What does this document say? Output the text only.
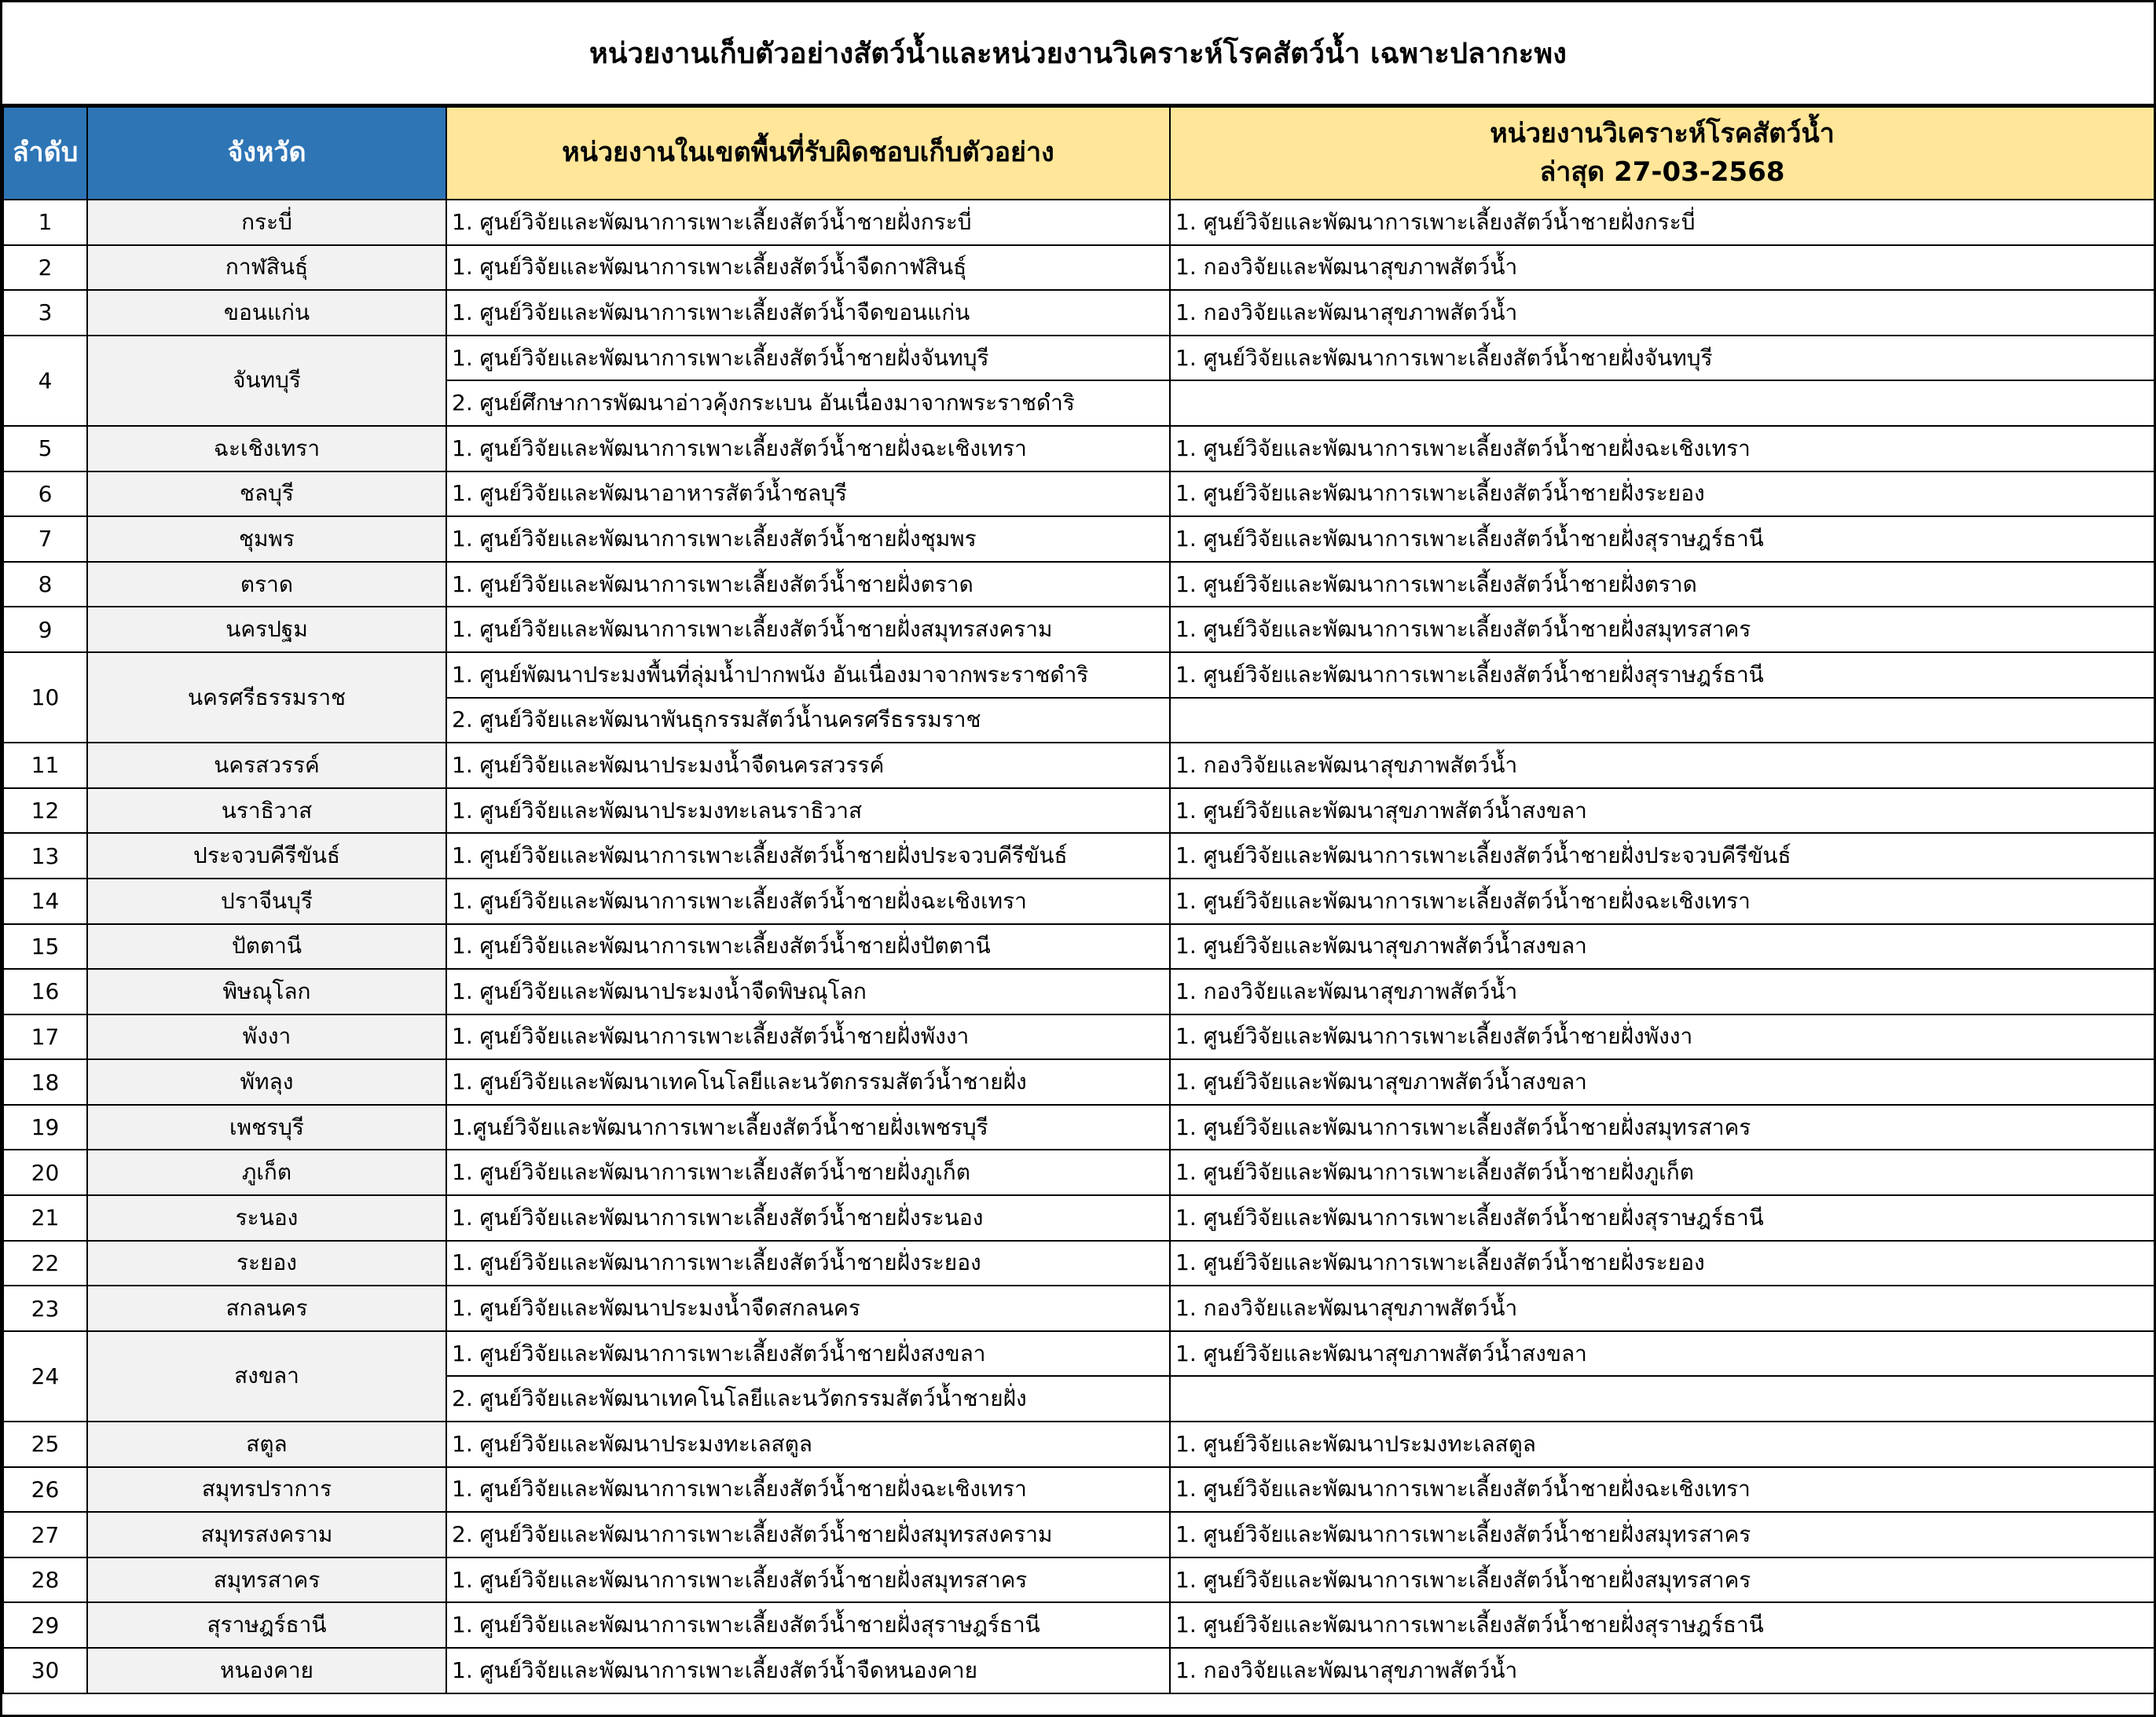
หน่วยงานเก็บตัวอย่างสัตว์น้ำและหน่วยงานวิเคราะห์โรคสัตว์น้ำ เฉพาะปลากะพง
ลำดับ	จังหวัด	หน่วยงานในเขตพื้นที่รับผิดชอบเก็บตัวอย่าง	หน่วยงานวิเคราะห์โรคสัตว์น้ำ
ล่าสุด 27-03-2568

1	กระบี่	1. ศูนย์วิจัยและพัฒนาการเพาะเลี้ยงสัตว์น้ำชายฝั่งกระบี่	1. ศูนย์วิจัยและพัฒนาการเพาะเลี้ยงสัตว์น้ำชายฝั่งกระบี่
2	กาฬสินธุ์	1. ศูนย์วิจัยและพัฒนาการเพาะเลี้ยงสัตว์น้ำจืดกาฬสินธุ์	1. กองวิจัยและพัฒนาสุขภาพสัตว์น้ำ
3	ขอนแก่น	1. ศูนย์วิจัยและพัฒนาการเพาะเลี้ยงสัตว์น้ำจืดขอนแก่น	1. กองวิจัยและพัฒนาสุขภาพสัตว์น้ำ
4	จันทบุรี	1. ศูนย์วิจัยและพัฒนาการเพาะเลี้ยงสัตว์น้ำชายฝั่งจันทบุรี	1. ศูนย์วิจัยและพัฒนาการเพาะเลี้ยงสัตว์น้ำชายฝั่งจันทบุรี
		2. ศูนย์ศึกษาการพัฒนาอ่าวคุ้งกระเบน อันเนื่องมาจากพระราชดำริ	
5	ฉะเชิงเทรา	1. ศูนย์วิจัยและพัฒนาการเพาะเลี้ยงสัตว์น้ำชายฝั่งฉะเชิงเทรา	1. ศูนย์วิจัยและพัฒนาการเพาะเลี้ยงสัตว์น้ำชายฝั่งฉะเชิงเทรา
6	ชลบุรี	1. ศูนย์วิจัยและพัฒนาอาหารสัตว์น้ำชลบุรี	1. ศูนย์วิจัยและพัฒนาการเพาะเลี้ยงสัตว์น้ำชายฝั่งระยอง
7	ชุมพร	1. ศูนย์วิจัยและพัฒนาการเพาะเลี้ยงสัตว์น้ำชายฝั่งชุมพร	1. ศูนย์วิจัยและพัฒนาการเพาะเลี้ยงสัตว์น้ำชายฝั่งสุราษฎร์ธานี
8	ตราด	1. ศูนย์วิจัยและพัฒนาการเพาะเลี้ยงสัตว์น้ำชายฝั่งตราด	1. ศูนย์วิจัยและพัฒนาการเพาะเลี้ยงสัตว์น้ำชายฝั่งตราด
9	นครปฐม	1. ศูนย์วิจัยและพัฒนาการเพาะเลี้ยงสัตว์น้ำชายฝั่งสมุทรสงคราม	1. ศูนย์วิจัยและพัฒนาการเพาะเลี้ยงสัตว์น้ำชายฝั่งสมุทรสาคร
10	นครศรีธรรมราช	1. ศูนย์พัฒนาประมงพื้นที่ลุ่มน้ำปากพนัง อันเนื่องมาจากพระราชดำริ	1. ศูนย์วิจัยและพัฒนาการเพาะเลี้ยงสัตว์น้ำชายฝั่งสุราษฎร์ธานี
		2. ศูนย์วิจัยและพัฒนาพันธุกรรมสัตว์น้ำนครศรีธรรมราช	
11	นครสวรรค์	1. ศูนย์วิจัยและพัฒนาประมงน้ำจืดนครสวรรค์	1. กองวิจัยและพัฒนาสุขภาพสัตว์น้ำ
12	นราธิวาส	1. ศูนย์วิจัยและพัฒนาประมงทะเลนราธิวาส	1. ศูนย์วิจัยและพัฒนาสุขภาพสัตว์น้ำสงขลา
13	ประจวบคีรีขันธ์	1. ศูนย์วิจัยและพัฒนาการเพาะเลี้ยงสัตว์น้ำชายฝั่งประจวบคีรีขันธ์	1. ศูนย์วิจัยและพัฒนาการเพาะเลี้ยงสัตว์น้ำชายฝั่งประจวบคีรีขันธ์
14	ปราจีนบุรี	1. ศูนย์วิจัยและพัฒนาการเพาะเลี้ยงสัตว์น้ำชายฝั่งฉะเชิงเทรา	1. ศูนย์วิจัยและพัฒนาการเพาะเลี้ยงสัตว์น้ำชายฝั่งฉะเชิงเทรา
15	ปัตตานี	1. ศูนย์วิจัยและพัฒนาการเพาะเลี้ยงสัตว์น้ำชายฝั่งปัตตานี	1. ศูนย์วิจัยและพัฒนาสุขภาพสัตว์น้ำสงขลา
16	พิษณุโลก	1. ศูนย์วิจัยและพัฒนาประมงน้ำจืดพิษณุโลก	1. กองวิจัยและพัฒนาสุขภาพสัตว์น้ำ
17	พังงา	1. ศูนย์วิจัยและพัฒนาการเพาะเลี้ยงสัตว์น้ำชายฝั่งพังงา	1. ศูนย์วิจัยและพัฒนาการเพาะเลี้ยงสัตว์น้ำชายฝั่งพังงา
18	พัทลุง	1. ศูนย์วิจัยและพัฒนาเทคโนโลยีและนวัตกรรมสัตว์น้ำชายฝั่ง	1. ศูนย์วิจัยและพัฒนาสุขภาพสัตว์น้ำสงขลา
19	เพชรบุรี	1.ศูนย์วิจัยและพัฒนาการเพาะเลี้ยงสัตว์น้ำชายฝั่งเพชรบุรี	1. ศูนย์วิจัยและพัฒนาการเพาะเลี้ยงสัตว์น้ำชายฝั่งสมุทรสาคร
20	ภูเก็ต	1. ศูนย์วิจัยและพัฒนาการเพาะเลี้ยงสัตว์น้ำชายฝั่งภูเก็ต	1. ศูนย์วิจัยและพัฒนาการเพาะเลี้ยงสัตว์น้ำชายฝั่งภูเก็ต
21	ระนอง	1. ศูนย์วิจัยและพัฒนาการเพาะเลี้ยงสัตว์น้ำชายฝั่งระนอง	1. ศูนย์วิจัยและพัฒนาการเพาะเลี้ยงสัตว์น้ำชายฝั่งสุราษฎร์ธานี
22	ระยอง	1. ศูนย์วิจัยและพัฒนาการเพาะเลี้ยงสัตว์น้ำชายฝั่งระยอง	1. ศูนย์วิจัยและพัฒนาการเพาะเลี้ยงสัตว์น้ำชายฝั่งระยอง
23	สกลนคร	1. ศูนย์วิจัยและพัฒนาประมงน้ำจืดสกลนคร	1. กองวิจัยและพัฒนาสุขภาพสัตว์น้ำ
24	สงขลา	1. ศูนย์วิจัยและพัฒนาการเพาะเลี้ยงสัตว์น้ำชายฝั่งสงขลา	1. ศูนย์วิจัยและพัฒนาสุขภาพสัตว์น้ำสงขลา
		2. ศูนย์วิจัยและพัฒนาเทคโนโลยีและนวัตกรรมสัตว์น้ำชายฝั่ง	
25	สตูล	1. ศูนย์วิจัยและพัฒนาประมงทะเลสตูล	1. ศูนย์วิจัยและพัฒนาประมงทะเลสตูล
26	สมุทรปราการ	1. ศูนย์วิจัยและพัฒนาการเพาะเลี้ยงสัตว์น้ำชายฝั่งฉะเชิงเทรา	1. ศูนย์วิจัยและพัฒนาการเพาะเลี้ยงสัตว์น้ำชายฝั่งฉะเชิงเทรา
27	สมุทรสงคราม	2. ศูนย์วิจัยและพัฒนาการเพาะเลี้ยงสัตว์น้ำชายฝั่งสมุทรสงคราม	1. ศูนย์วิจัยและพัฒนาการเพาะเลี้ยงสัตว์น้ำชายฝั่งสมุทรสาคร
28	สมุทรสาคร	1. ศูนย์วิจัยและพัฒนาการเพาะเลี้ยงสัตว์น้ำชายฝั่งสมุทรสาคร	1. ศูนย์วิจัยและพัฒนาการเพาะเลี้ยงสัตว์น้ำชายฝั่งสมุทรสาคร
29	สุราษฎร์ธานี	1. ศูนย์วิจัยและพัฒนาการเพาะเลี้ยงสัตว์น้ำชายฝั่งสุราษฎร์ธานี	1. ศูนย์วิจัยและพัฒนาการเพาะเลี้ยงสัตว์น้ำชายฝั่งสุราษฎร์ธานี
30	หนองคาย	1. ศูนย์วิจัยและพัฒนาการเพาะเลี้ยงสัตว์น้ำจืดหนองคาย	1. กองวิจัยและพัฒนาสุขภาพสัตว์น้ำ
